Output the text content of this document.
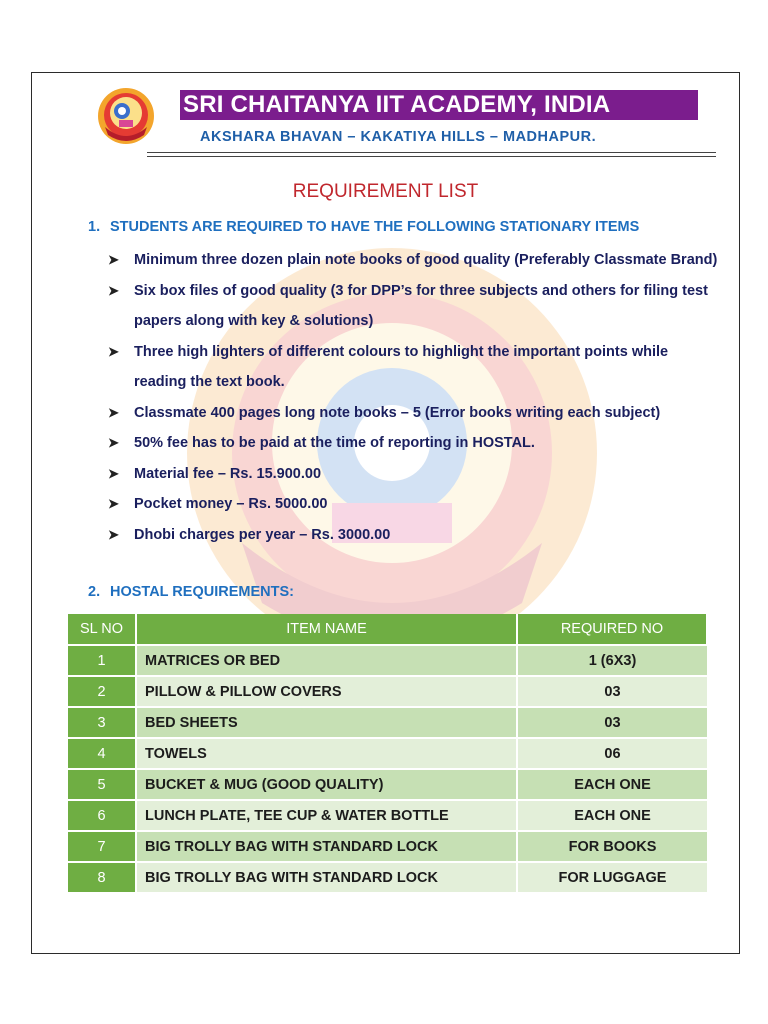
SRI CHAITANYA IIT ACADEMY, INDIA
AKSHARA BHAVAN – KAKATIYA HILLS – MADHAPUR.
REQUIREMENT LIST
1. STUDENTS ARE REQUIRED TO HAVE THE FOLLOWING STATIONARY ITEMS
➤ Minimum three dozen plain note books of good quality (Preferably Classmate Brand)
➤ Six box files of good quality (3 for DPP’s for three subjects and others for filing test papers along with key & solutions)
➤ Three high lighters of different colours to highlight the important points while reading the text book.
➤ Classmate 400 pages long note books – 5 (Error books writing each subject)
➤ 50% fee has to be paid at the time of reporting in HOSTAL.
➤ Material fee – Rs. 15.900.00
➤ Pocket money – Rs. 5000.00
➤ Dhobi charges per year – Rs. 3000.00
2. HOSTAL REQUIREMENTS:
SL NO	ITEM NAME	REQUIRED NO
1	MATRICES OR BED	1 (6X3)
2	PILLOW & PILLOW COVERS	03
3	BED SHEETS	03
4	TOWELS	06
5	BUCKET & MUG (GOOD QUALITY)	EACH ONE
6	LUNCH PLATE, TEE CUP & WATER BOTTLE	EACH ONE
7	BIG TROLLY BAG WITH STANDARD LOCK	FOR BOOKS
8	BIG TROLLY BAG WITH STANDARD LOCK	FOR LUGGAGE
